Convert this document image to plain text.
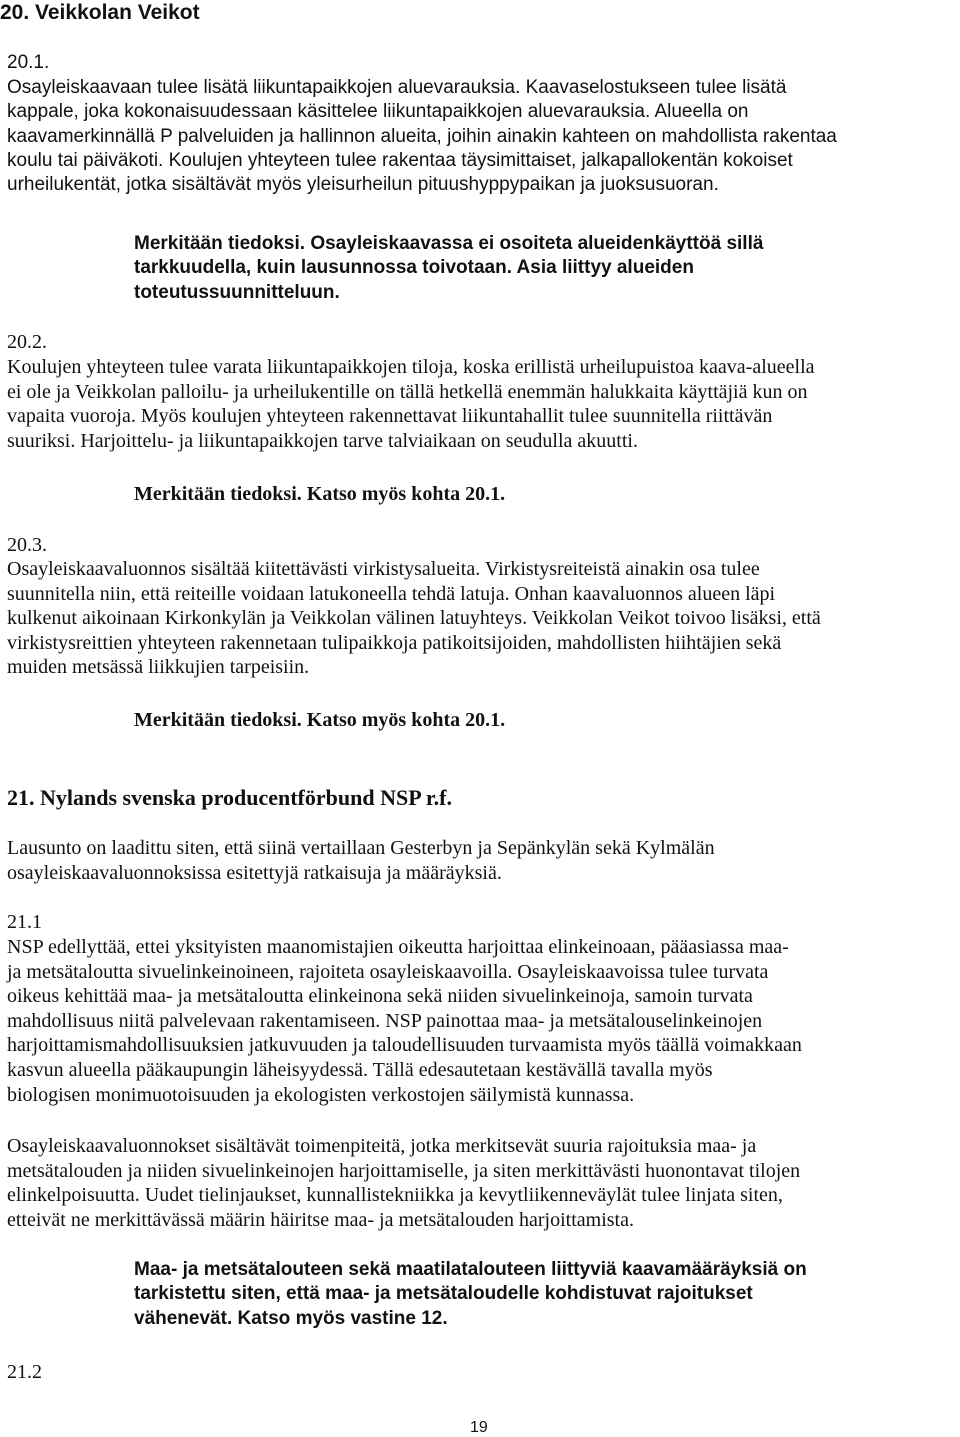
20. Veikkolan Veikot
20.1.
Osayleiskaavaan tulee lisätä liikuntapaikkojen aluevarauksia. Kaavaselostukseen tulee lisätä
kappale, joka kokonaisuudessaan käsittelee liikuntapaikkojen aluevarauksia. Alueella on
kaavamerkinnällä P palveluiden ja hallinnon alueita, joihin ainakin kahteen on mahdollista rakentaa
koulu tai päiväkoti. Koulujen yhteyteen tulee rakentaa täysimittaiset, jalkapallokentän kokoiset
urheilukentät, jotka sisältävät myös yleisurheilun pituushyppypaikan ja juoksusuoran.
Merkitään tiedoksi. Osayleiskaavassa ei osoiteta alueidenkäyttöä sillä
tarkkuudella, kuin lausunnossa toivotaan. Asia liittyy alueiden
toteutussuunnitteluun.
20.2.
Koulujen yhteyteen tulee varata liikuntapaikkojen tiloja, koska erillistä urheilupuistoa kaava-alueella
ei ole ja Veikkolan palloilu- ja urheilukentille on tällä hetkellä enemmän halukkaita käyttäjiä kun on
vapaita vuoroja. Myös koulujen yhteyteen rakennettavat liikuntahallit tulee suunnitella riittävän
suuriksi. Harjoittelu- ja liikuntapaikkojen tarve talviaikaan on seudulla akuutti.
Merkitään tiedoksi. Katso myös kohta 20.1.
20.3.
Osayleiskaavaluonnos sisältää kiitettävästi virkistysalueita. Virkistysreiteistä ainakin osa tulee
suunnitella niin, että reiteille voidaan latukoneella tehdä latuja. Onhan kaavaluonnos alueen läpi
kulkenut aikoinaan Kirkonkylän ja Veikkolan välinen latuyhteys. Veikkolan Veikot toivoo lisäksi, että
virkistysreittien yhteyteen rakennetaan tulipaikkoja patikoitsijoiden, mahdollisten hiihtäjien sekä
muiden metsässä liikkujien tarpeisiin.
Merkitään tiedoksi. Katso myös kohta 20.1.
21. Nylands svenska producentförbund NSP r.f.
Lausunto on laadittu siten, että siinä vertaillaan Gesterbyn ja Sepänkylän sekä Kylmälän
osayleiskaavaluonnoksissa esitettyjä ratkaisuja ja määräyksiä.
21.1
NSP edellyttää, ettei yksityisten maanomistajien oikeutta harjoittaa elinkeinoaan, pääasiassa maa-
ja metsätaloutta sivuelinkeinoineen, rajoiteta osayleiskaavoilla. Osayleiskaavoissa tulee turvata
oikeus kehittää maa- ja metsätaloutta elinkeinona sekä niiden sivuelinkeinoja, samoin turvata
mahdollisuus niitä palvelevaan rakentamiseen. NSP painottaa maa- ja metsätalouselinkeinojen
harjoittamismahdollisuuksien jatkuvuuden ja taloudellisuuden turvaamista myös täällä voimakkaan
kasvun alueella pääkaupungin läheisyydessä. Tällä edesautetaan kestävällä tavalla myös
biologisen monimuotoisuuden ja ekologisten verkostojen säilymistä kunnassa.
Osayleiskaavaluonnokset sisältävät toimenpiteitä, jotka merkitsevät suuria rajoituksia maa- ja
metsätalouden ja niiden sivuelinkeinojen harjoittamiselle, ja siten merkittävästi huonontavat tilojen
elinkelpoisuutta. Uudet tielinjaukset, kunnallistekniikka ja kevytliikenneväylät tulee linjata siten,
etteivät ne merkittävässä määrin häiritse maa- ja metsätalouden harjoittamista.
Maa- ja metsätalouteen sekä maatilatalouteen liittyviä kaavamääräyksiä on
tarkistettu siten, että maa- ja metsätaloudelle kohdistuvat rajoitukset
vähenevät. Katso myös vastine 12.
21.2
19
